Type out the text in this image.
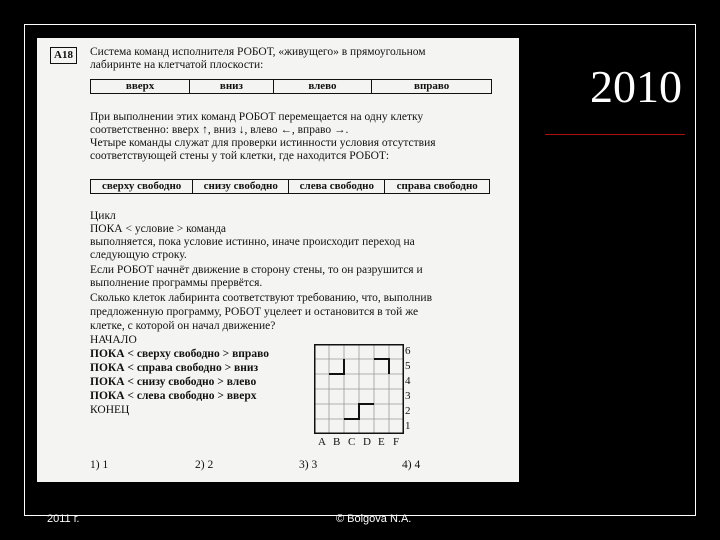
2010
2011 г.	© Bolgova N.A.
А18	Система команд исполнителя РОБОТ, «живущего» в прямоугольном
лабиринте на клетчатой плоскости:
вверх	вниз	влево	вправо
При выполнении этих команд РОБОТ перемещается на одну клетку
соответственно: вверх ↑, вниз ↓, влево ←, вправо →.
Четыре команды служат для проверки истинности условия отсутствия
соответствующей стены у той клетки, где находится РОБОТ:
сверху свободно	снизу свободно	слева свободно	справа свободно
Цикл
ПОКА < условие > команда
выполняется, пока условие истинно, иначе происходит переход на
следующую строку.
Если РОБОТ начнёт движение в сторону стены, то он разрушится и
выполнение программы прервётся.
Сколько клеток лабиринта соответствуют требованию, что, выполнив
предложенную программу, РОБОТ уцелеет и остановится в той же
клетке, с которой он начал движение?
НАЧАЛО
ПОКА < сверху свободно > вправо
ПОКА < справа свободно > вниз
ПОКА < снизу свободно > влево
ПОКА < слева свободно > вверх
КОНЕЦ
6
5
4
3
2
1
A B C D E F
1) 1	2) 2	3) 3	4) 4
